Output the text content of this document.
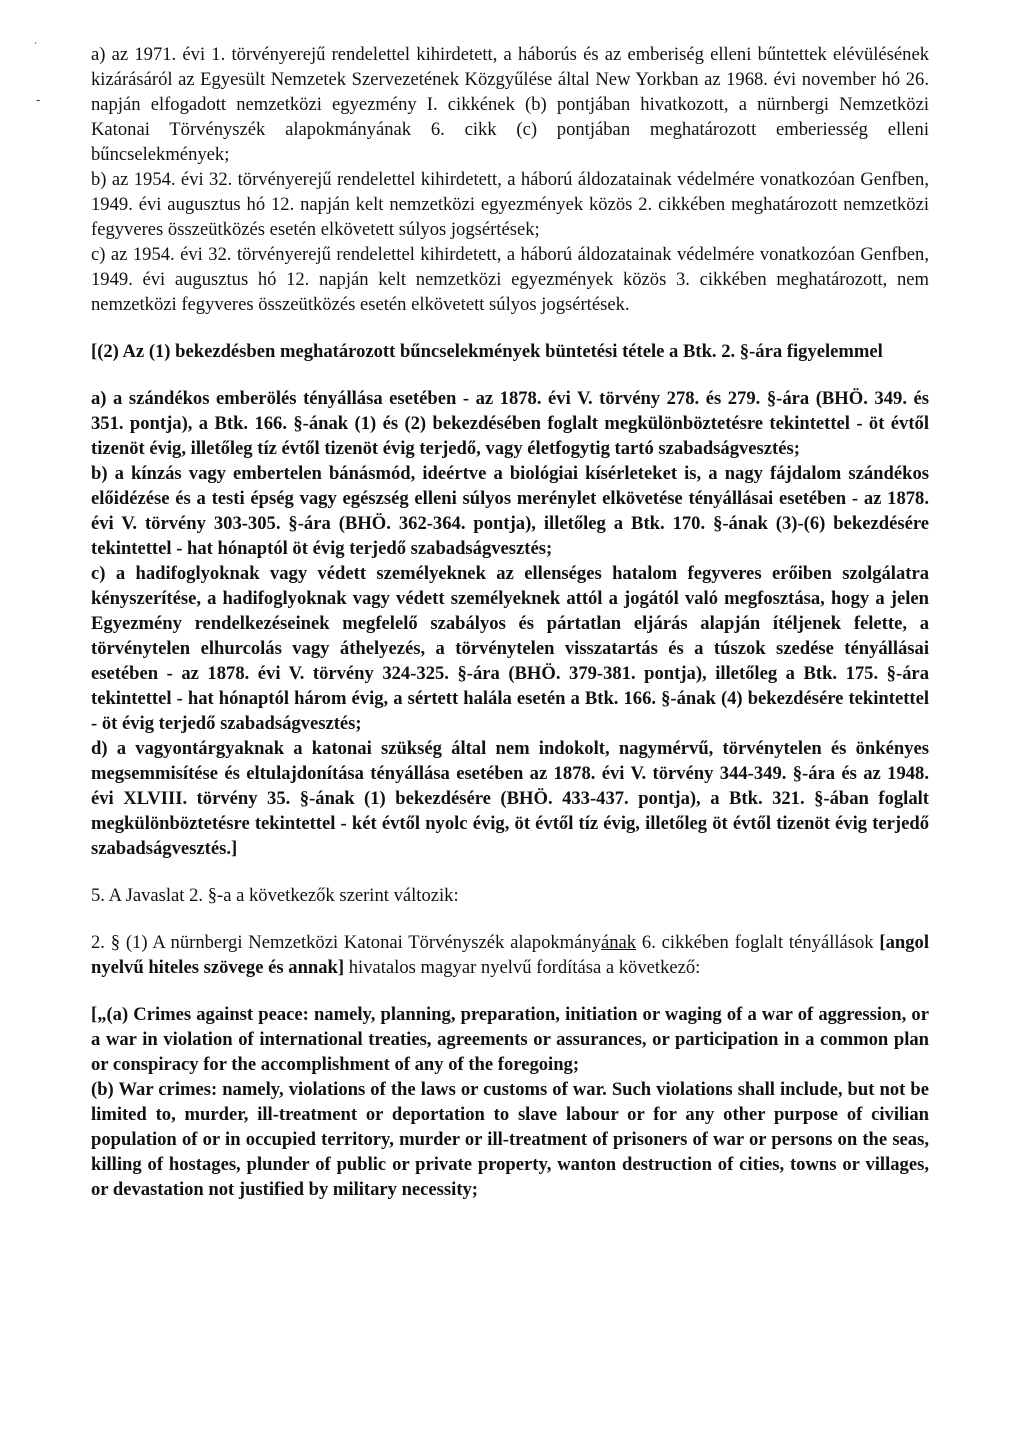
˙
-

a) az 1971. évi 1. törvényerejű rendelettel kihirdetett, a háborús és az emberiség elleni bűntettek elévülésének kizárásáról az Egyesült Nemzetek Szervezetének Közgyűlése által New Yorkban az 1968. évi november hó 26. napján elfogadott nemzetközi egyezmény I. cikkének (b) pontjában hivatkozott, a nürnbergi Nemzetközi Katonai Törvényszék alapokmányának 6. cikk (c) pontjában meghatározott emberiesség elleni bűncselekmények;

b) az 1954. évi 32. törvényerejű rendelettel kihirdetett, a háború áldozatainak védelmére vonatkozóan Genfben, 1949. évi augusztus hó 12. napján kelt nemzetközi egyezmények közös 2. cikkében meghatározott nemzetközi fegyveres összeütközés esetén elkövetett súlyos jogsértések;

c) az 1954. évi 32. törvényerejű rendelettel kihirdetett, a háború áldozatainak védelmére vonatkozóan Genfben, 1949. évi augusztus hó 12. napján kelt nemzetközi egyezmények közös 3. cikkében meghatározott, nem nemzetközi fegyveres összeütközés esetén elkövetett súlyos jogsértések.

[(2) Az (1) bekezdésben meghatározott bűncselekmények büntetési tétele a Btk. 2. §-ára figyelemmel

a) a szándékos emberölés tényállása esetében - az 1878. évi V. törvény 278. és 279. §-ára (BHÖ. 349. és 351. pontja), a Btk. 166. §-ának (1) és (2) bekezdésében foglalt megkülönböztetésre tekintettel - öt évtől tizenöt évig, illetőleg tíz évtől tizenöt évig terjedő, vagy életfogytig tartó szabadságvesztés;

b) a kínzás vagy embertelen bánásmód, ideértve a biológiai kísérleteket is, a nagy fájdalom szándékos előidézése és a testi épség vagy egészség elleni súlyos merénylet elkövetése tényállásai esetében - az 1878. évi V. törvény 303-305. §-ára (BHÖ. 362-364. pontja), illetőleg a Btk. 170. §-ának (3)-(6) bekezdésére tekintettel - hat hónaptól öt évig terjedő szabadságvesztés;

c) a hadifoglyoknak vagy védett személyeknek az ellenséges hatalom fegyveres erőiben szolgálatra kényszerítése, a hadifoglyoknak vagy védett személyeknek attól a jogától való megfosztása, hogy a jelen Egyezmény rendelkezéseinek megfelelő szabályos és pártatlan eljárás alapján ítéljenek felette, a törvénytelen elhurcolás vagy áthelyezés, a törvénytelen visszatartás és a túszok szedése tényállásai esetében - az 1878. évi V. törvény 324-325. §-ára (BHÖ. 379-381. pontja), illetőleg a Btk. 175. §-ára tekintettel - hat hónaptól három évig, a sértett halála esetén a Btk. 166. §-ának (4) bekezdésére tekintettel - öt évig terjedő szabadságvesztés;

d) a vagyontárgyaknak a katonai szükség által nem indokolt, nagymérvű, törvénytelen és önkényes megsemmisítése és eltulajdonítása tényállása esetében az 1878. évi V. törvény 344-349. §-ára és az 1948. évi XLVIII. törvény 35. §-ának (1) bekezdésére (BHÖ. 433-437. pontja), a Btk. 321. §-ában foglalt megkülönböztetésre tekintettel - két évtől nyolc évig, öt évtől tíz évig, illetőleg öt évtől tizenöt évig terjedő szabadságvesztés.]

5. A Javaslat 2. §-a a következők szerint változik:

2. § (1) A nürnbergi Nemzetközi Katonai Törvényszék alapokmányának 6. cikkében foglalt tényállások [angol nyelvű hiteles szövege és annak] hivatalos magyar nyelvű fordítása a következő:

[„(a) Crimes against peace: namely, planning, preparation, initiation or waging of a war of aggression, or a war in violation of international treaties, agreements or assurances, or participation in a common plan or conspiracy for the accomplishment of any of the foregoing;

(b) War crimes: namely, violations of the laws or customs of war. Such violations shall include, but not be limited to, murder, ill-treatment or deportation to slave labour or for any other purpose of civilian population of or in occupied territory, murder or ill-treatment of prisoners of war or persons on the seas, killing of hostages, plunder of public or private property, wanton destruction of cities, towns or villages, or devastation not justified by military necessity;
